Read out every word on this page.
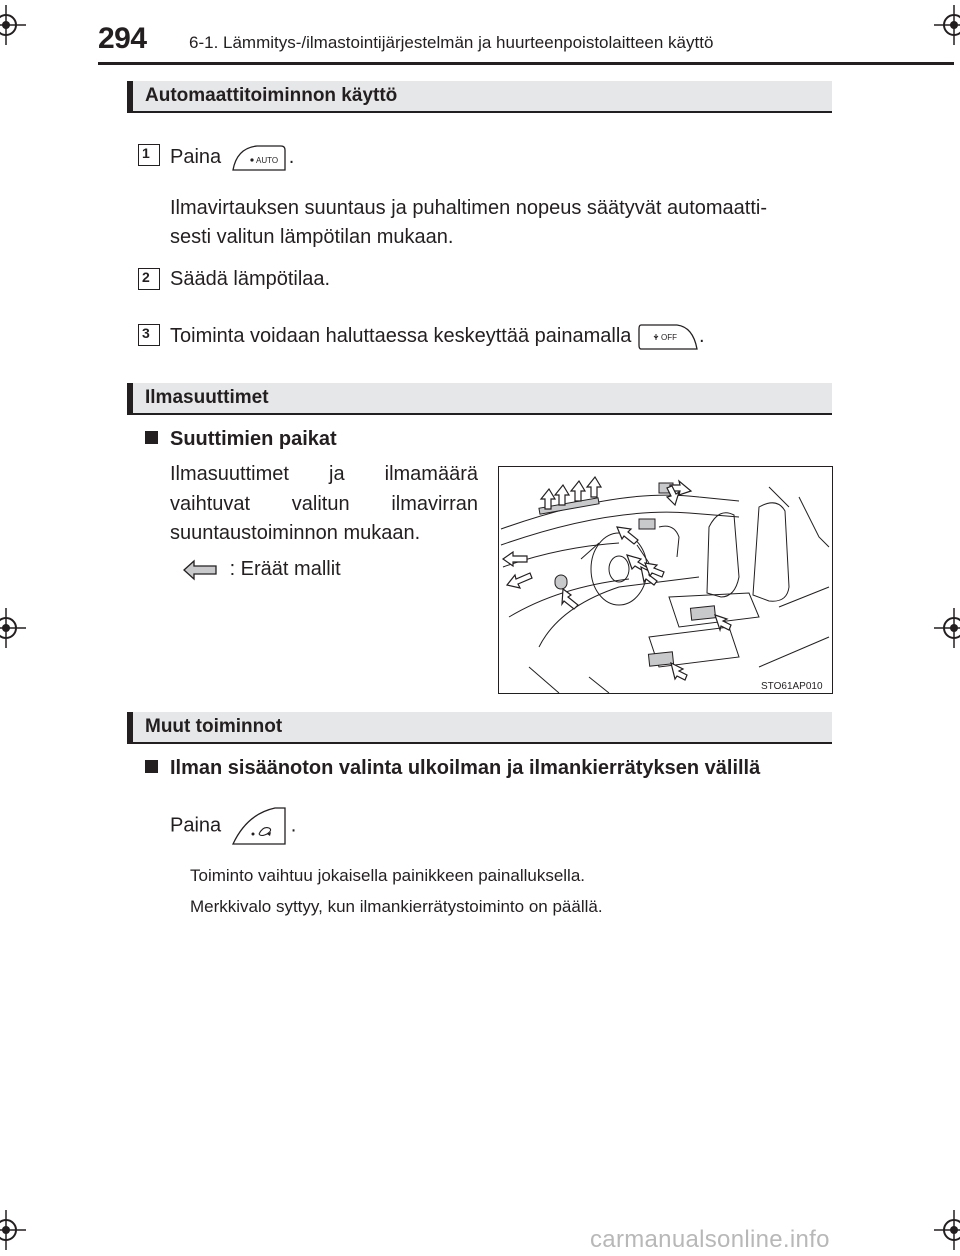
294 6-1. Lämmitys-/ilmastointijärjestelmän ja huurteenpoistolaitteen käyttö
Automaattitoiminnon käyttö
1	Paina	AUTO .
Ilmavirtauksen suuntaus ja puhaltimen nopeus säätyvät automaatti-
sesti valitun lämpötilan mukaan.
2	Säädä lämpötilaa.
3	Toiminta voidaan haluttaessa keskeyttää painamalla	OFF .
Ilmasuuttimet
Suuttimien paikat
Ilmasuuttimet ja ilmamäärä
vaihtuvat valitun ilmavirran
suuntaustoiminnon mukaan.
: Eräät mallit
STO61AP010
Muut toiminnot
Ilman sisäänoton valinta ulkoilman ja ilmankierrätyksen välillä
Paina	.
Toiminto vaihtuu jokaisella painikkeen painalluksella.
Merkkivalo syttyy, kun ilmankierrätystoiminto on päällä.
carmanualsonline.info
